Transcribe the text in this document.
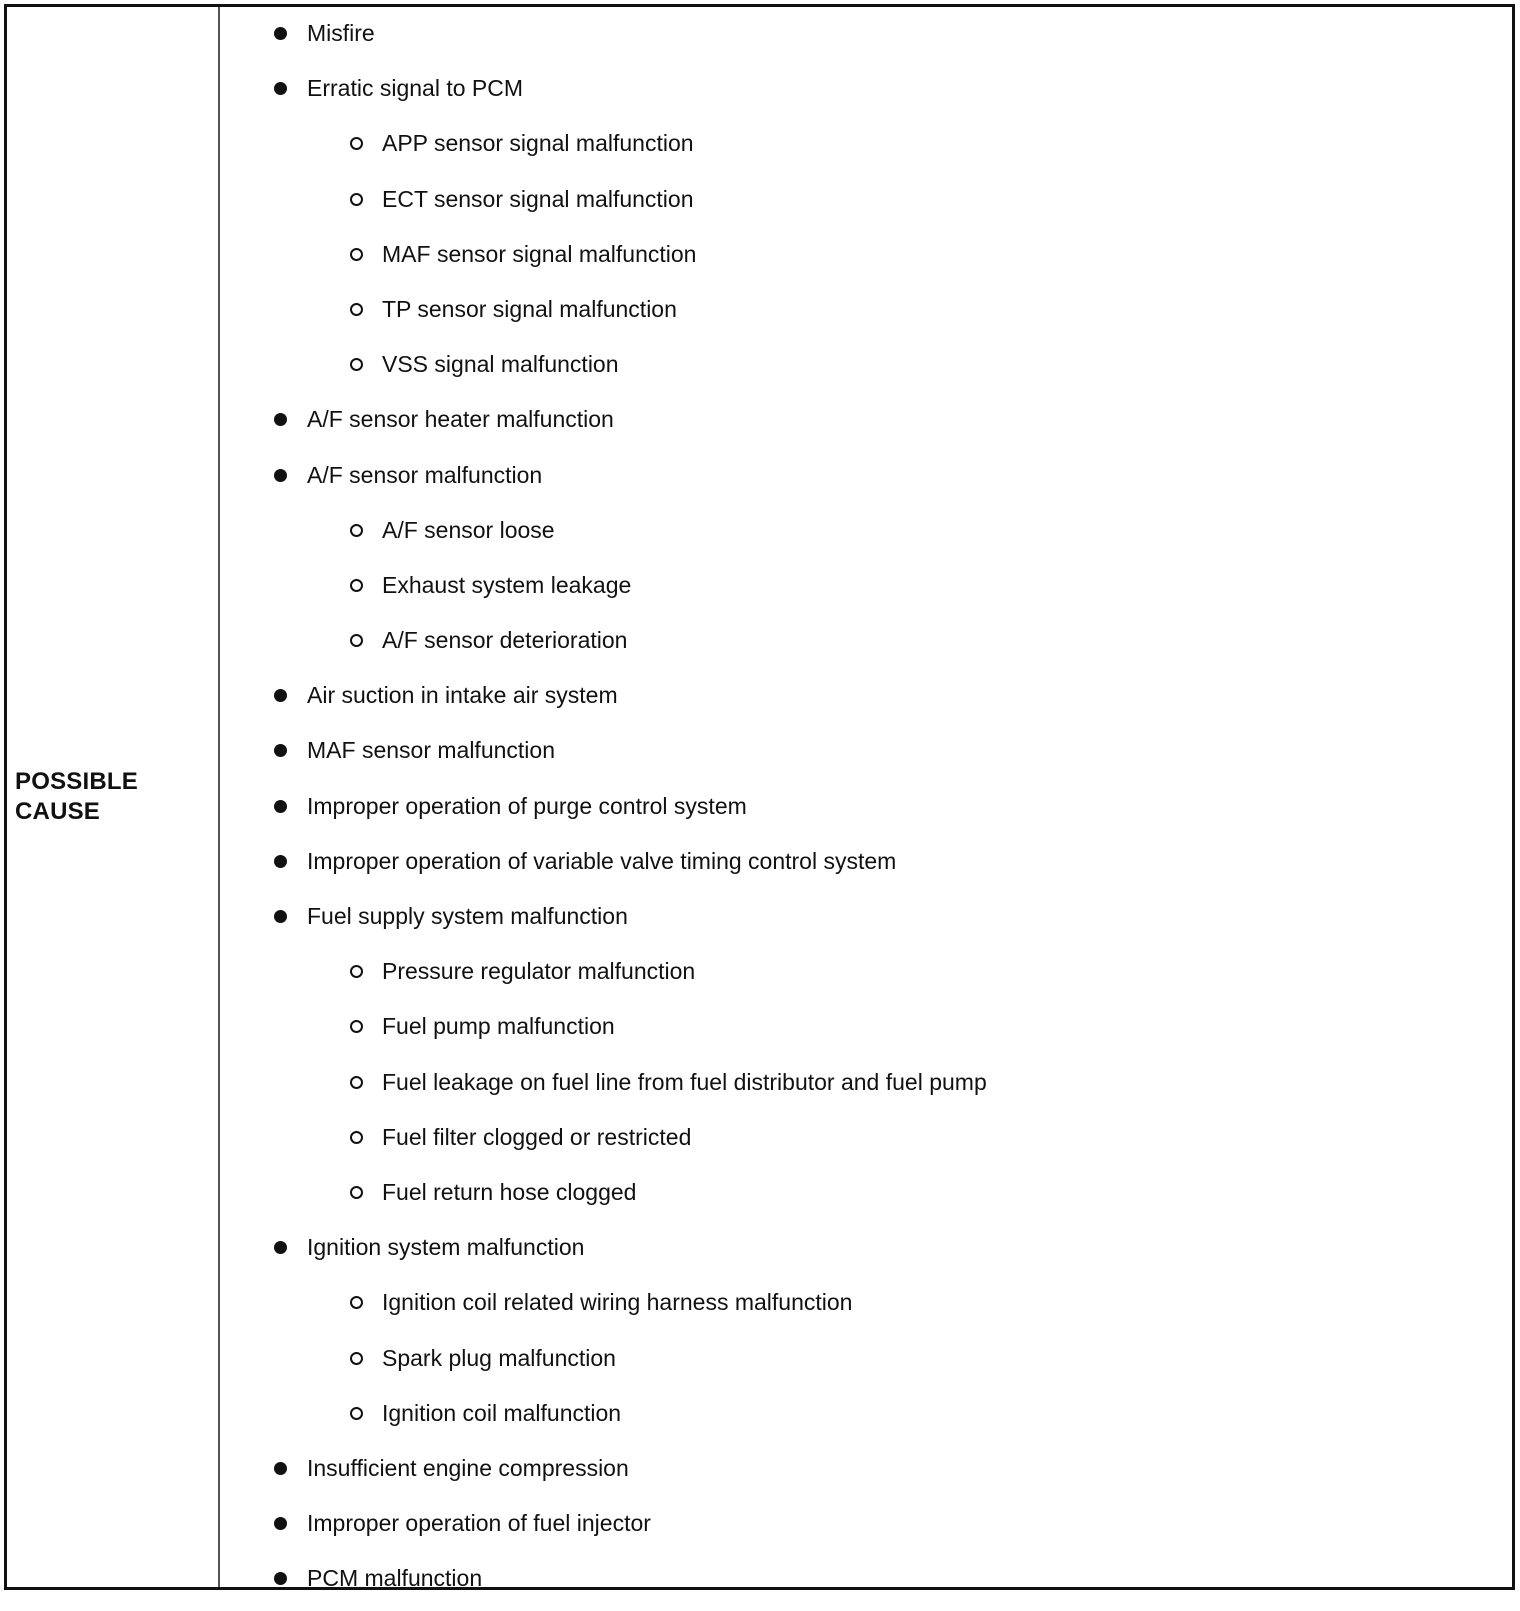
POSSIBLE CAUSE
Misfire
Erratic signal to PCM
APP sensor signal malfunction
ECT sensor signal malfunction
MAF sensor signal malfunction
TP sensor signal malfunction
VSS signal malfunction
A/F sensor heater malfunction
A/F sensor malfunction
A/F sensor loose
Exhaust system leakage
A/F sensor deterioration
Air suction in intake air system
MAF sensor malfunction
Improper operation of purge control system
Improper operation of variable valve timing control system
Fuel supply system malfunction
Pressure regulator malfunction
Fuel pump malfunction
Fuel leakage on fuel line from fuel distributor and fuel pump
Fuel filter clogged or restricted
Fuel return hose clogged
Ignition system malfunction
Ignition coil related wiring harness malfunction
Spark plug malfunction
Ignition coil malfunction
Insufficient engine compression
Improper operation of fuel injector
PCM malfunction
